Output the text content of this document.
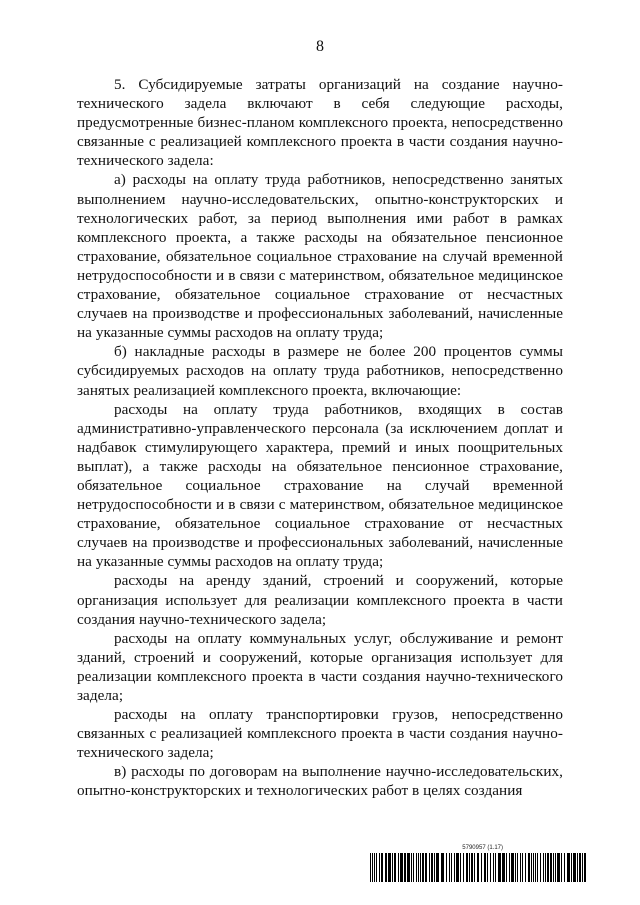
8

5. Субсидируемые затраты организаций на создание научно-технического задела включают в себя следующие расходы, предусмотренные бизнес-планом комплексного проекта, непосредственно связанные с реализацией комплексного проекта в части создания научно-технического задела:

а) расходы на оплату труда работников, непосредственно занятых выполнением научно-исследовательских, опытно-конструкторских и технологических работ, за период выполнения ими работ в рамках комплексного проекта, а также расходы на обязательное пенсионное страхование, обязательное социальное страхование на случай временной нетрудоспособности и в связи с материнством, обязательное медицинское страхование, обязательное социальное страхование от несчастных случаев на производстве и профессиональных заболеваний, начисленные на указанные суммы расходов на оплату труда;

б) накладные расходы в размере не более 200 процентов суммы субсидируемых расходов на оплату труда работников, непосредственно занятых реализацией комплексного проекта, включающие:

расходы на оплату труда работников, входящих в состав административно-управленческого персонала (за исключением доплат и надбавок стимулирующего характера, премий и иных поощрительных выплат), а также расходы на обязательное пенсионное страхование, обязательное социальное страхование на случай временной нетрудоспособности и в связи с материнством, обязательное медицинское страхование, обязательное социальное страхование от несчастных случаев на производстве и профессиональных заболеваний, начисленные на указанные суммы расходов на оплату труда;

расходы на аренду зданий, строений и сооружений, которые организация использует для реализации комплексного проекта в части создания научно-технического задела;

расходы на оплату коммунальных услуг, обслуживание и ремонт зданий, строений и сооружений, которые организация использует для реализации комплексного проекта в части создания научно-технического задела;

расходы на оплату транспортировки грузов, непосредственно связанных с реализацией комплексного проекта в части создания научно-технического задела;

в) расходы по договорам на выполнение научно-исследовательских, опытно-конструкторских и технологических работ в целях создания

5790957 (1.17)
